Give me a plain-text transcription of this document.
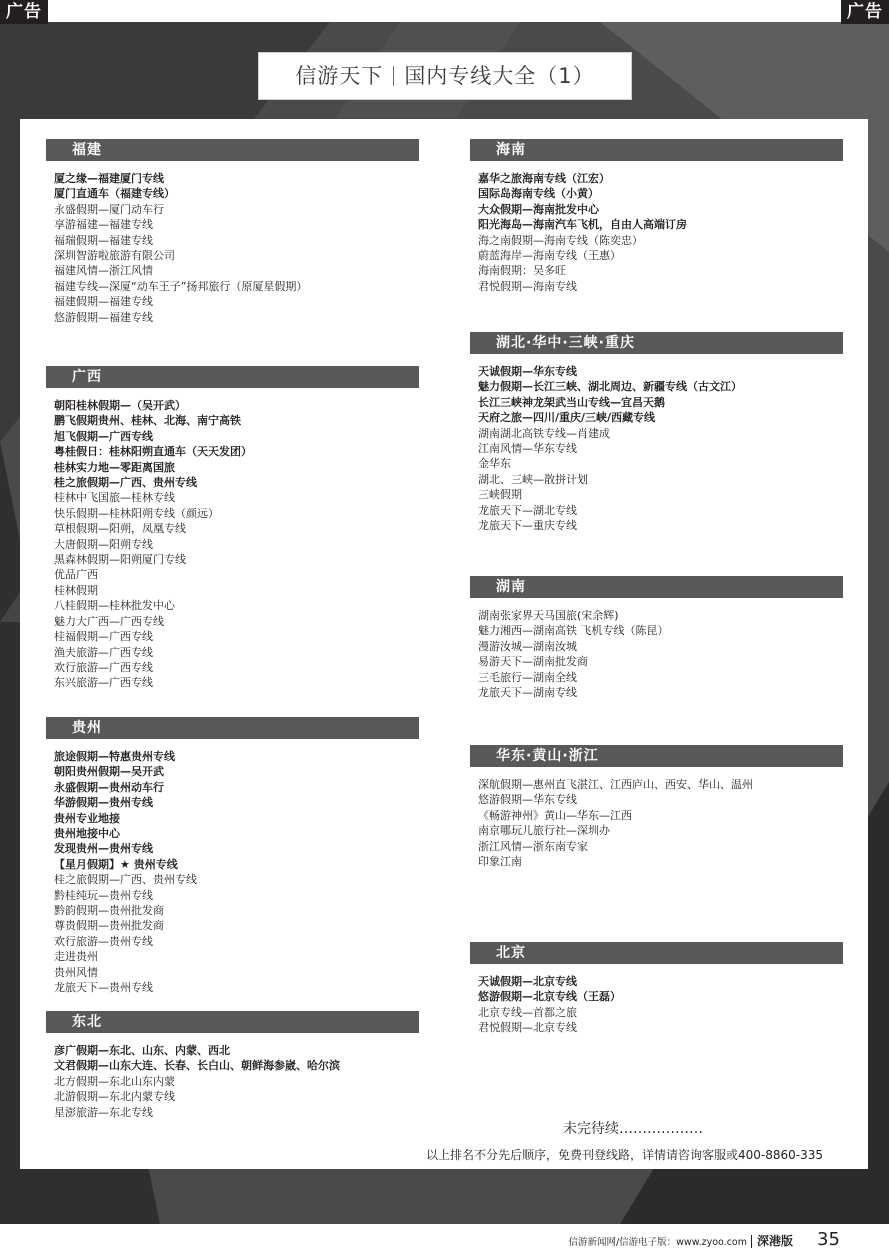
广告	广告
信游天下 国内专线大全（1）
福建
厦之缘—福建厦门专线
厦门直通车（福建专线）
永盛假期—厦门动车行
享游福建—福建专线
福瑞假期—福建专线
深圳智游啦旅游有限公司
福建风情—浙江风情
福建专线—深厦“动车王子”扬邦旅行（原厦星假期）
福建假期—福建专线
悠游假期—福建专线
广西
朝阳桂林假期—（吴开武）
鹏飞假期贵州、桂林、北海、南宁高铁
旭飞假期—广西专线
粤桂假日：桂林阳朔直通车（天天发团）
桂林实力地—零距离国旅
桂之旅假期—广西、贵州专线
桂林中飞国旅—桂林专线
快乐假期—桂林阳朔专线（颜远）
草根假期—阳朔，凤凰专线
大唐假期—阳朔专线
黑森林假期—阳朔厦门专线
优品广西
桂林假期
八桂假期—桂林批发中心
魅力大广西—广西专线
桂福假期—广西专线
渔夫旅游—广西专线
欢行旅游—广西专线
东兴旅游—广西专线
贵州
旅途假期—特惠贵州专线
朝阳贵州假期—吴开武
永盛假期—贵州动车行
华游假期—贵州专线
贵州专业地接
贵州地接中心
发现贵州—贵州专线
【星月假期】★ 贵州专线
桂之旅假期—广西、贵州专线
黔桂纯玩—贵州专线
黔韵假期—贵州批发商
尊贵假期—贵州批发商
欢行旅游—贵州专线
走进贵州
贵州风情
龙旅天下—贵州专线
东北
彦广假期—东北、山东、内蒙、西北
文君假期—山东大连、长春、长白山、朝鲜海参崴、哈尔滨
北方假期—东北山东内蒙
北游假期—东北内蒙专线
星澎旅游—东北专线
海南
嘉华之旅海南专线（江宏）
国际岛海南专线（小黄）
大众假期—海南批发中心
阳光海岛—海南汽车飞机，自由人高端订房
海之南假期—海南专线（陈奕忠）
蔚蓝海岸—海南专线（王惠）
海南假期：吴多旺
君悦假期—海南专线
湖北·华中·三峡·重庆
天诚假期—华东专线
魅力假期—长江三峡、湖北周边、新疆专线（古文江）
长江三峡神龙架武当山专线—宜昌天鹅
天府之旅—四川/重庆/三峡/西藏专线
湖南湖北高铁专线—肖建成
江南风情—华东专线
金华东
湖北、三峡—散拼计划
三峡假期
龙旅天下—湖北专线
龙旅天下—重庆专线
湖南
湖南张家界天马国旅(宋余辉)
魅力湘西—湖南高铁 飞机专线（陈昆）
漫游汝城—湖南汝城
易游天下—湖南批发商
三毛旅行—湖南全线
龙旅天下—湖南专线
华东·黄山·浙江
深航假期—惠州直飞湛江、江西庐山、西安、华山、温州
悠游假期—华东专线
《畅游神州》黄山—华东—江西
南京哪玩儿旅行社—深圳办
浙江风情—浙东南专家
印象江南
北京
天诚假期—北京专线
悠游假期—北京专线（王磊）
北京专线—首都之旅
君悦假期—北京专线
未完待续………………
以上排名不分先后顺序，免费刊登线路，详情请咨询客服或400-8860-335
信游新闻网/信游电子版：www.zyoo.com 深港版 35
